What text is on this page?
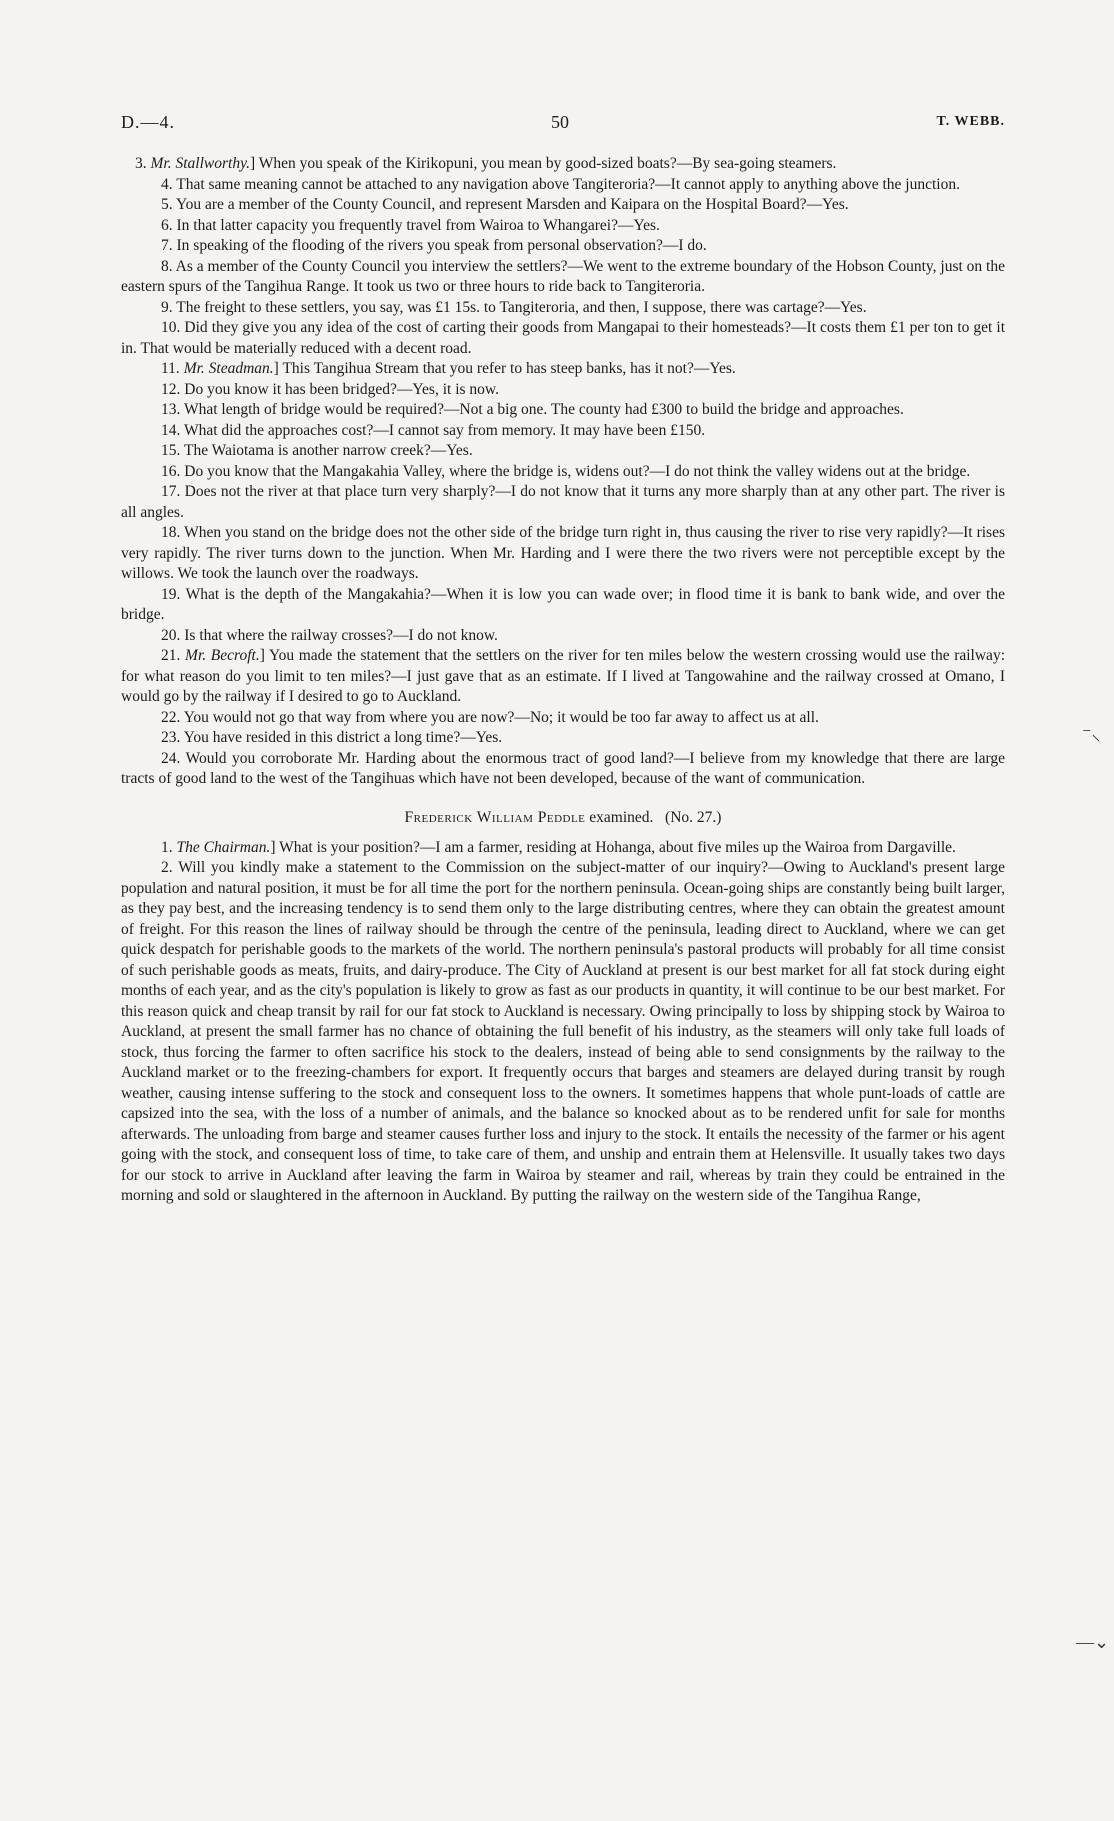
D.—4.	50	T. WEBB.

3. Mr. Stallworthy.] When you speak of the Kirikopuni, you mean by good-sized boats?—By sea-going steamers.

4. That same meaning cannot be attached to any navigation above Tangiteroria?—It cannot apply to anything above the junction.

5. You are a member of the County Council, and represent Marsden and Kaipara on the Hospital Board?—Yes.

6. In that latter capacity you frequently travel from Wairoa to Whangarei?—Yes.

7. In speaking of the flooding of the rivers you speak from personal observation?—I do.

8. As a member of the County Council you interview the settlers?—We went to the extreme boundary of the Hobson County, just on the eastern spurs of the Tangihua Range. It took us two or three hours to ride back to Tangiteroria.

9. The freight to these settlers, you say, was £1 15s. to Tangiteroria, and then, I suppose, there was cartage?—Yes.

10. Did they give you any idea of the cost of carting their goods from Mangapai to their homesteads?—It costs them £1 per ton to get it in. That would be materially reduced with a decent road.

11. Mr. Steadman.] This Tangihua Stream that you refer to has steep banks, has it not?—Yes.

12. Do you know it has been bridged?—Yes, it is now.

13. What length of bridge would be required?—Not a big one. The county had £300 to build the bridge and approaches.

14. What did the approaches cost?—I cannot say from memory. It may have been £150.

15. The Waiotama is another narrow creek?—Yes.

16. Do you know that the Mangakahia Valley, where the bridge is, widens out?—I do not think the valley widens out at the bridge.

17. Does not the river at that place turn very sharply?—I do not know that it turns any more sharply than at any other part. The river is all angles.

18. When you stand on the bridge does not the other side of the bridge turn right in, thus causing the river to rise very rapidly?—It rises very rapidly. The river turns down to the junction. When Mr. Harding and I were there the two rivers were not perceptible except by the willows. We took the launch over the roadways.

19. What is the depth of the Mangakahia?—When it is low you can wade over; in flood time it is bank to bank wide, and over the bridge.

20. Is that where the railway crosses?—I do not know.

21. Mr. Becroft.] You made the statement that the settlers on the river for ten miles below the western crossing would use the railway: for what reason do you limit to ten miles?—I just gave that as an estimate. If I lived at Tangowahine and the railway crossed at Omano, I would go by the railway if I desired to go to Auckland.

22. You would not go that way from where you are now?—No; it would be too far away to affect us at all.

23. You have resided in this district a long time?—Yes.

24. Would you corroborate Mr. Harding about the enormous tract of good land?—I believe from my knowledge that there are large tracts of good land to the west of the Tangihuas which have not been developed, because of the want of communication.

Frederick William Peddle examined. (No. 27.)

1. The Chairman.] What is your position?—I am a farmer, residing at Hohanga, about five miles up the Wairoa from Dargaville.

2. Will you kindly make a statement to the Commission on the subject-matter of our inquiry?—Owing to Auckland's present large population and natural position, it must be for all time the port for the northern peninsula. Ocean-going ships are constantly being built larger, as they pay best, and the increasing tendency is to send them only to the large distributing centres, where they can obtain the greatest amount of freight. For this reason the lines of railway should be through the centre of the peninsula, leading direct to Auckland, where we can get quick despatch for perishable goods to the markets of the world. The northern peninsula's pastoral products will probably for all time consist of such perishable goods as meats, fruits, and dairy-produce. The City of Auckland at present is our best market for all fat stock during eight months of each year, and as the city's population is likely to grow as fast as our products in quantity, it will continue to be our best market. For this reason quick and cheap transit by rail for our fat stock to Auckland is necessary. Owing principally to loss by shipping stock by Wairoa to Auckland, at present the small farmer has no chance of obtaining the full benefit of his industry, as the steamers will only take full loads of stock, thus forcing the farmer to often sacrifice his stock to the dealers, instead of being able to send consignments by the railway to the Auckland market or to the freezing-chambers for export. It frequently occurs that barges and steamers are delayed during transit by rough weather, causing intense suffering to the stock and consequent loss to the owners. It sometimes happens that whole punt-loads of cattle are capsized into the sea, with the loss of a number of animals, and the balance so knocked about as to be rendered unfit for sale for months afterwards. The unloading from barge and steamer causes further loss and injury to the stock. It entails the necessity of the farmer or his agent going with the stock, and consequent loss of time, to take care of them, and unship and entrain them at Helensville. It usually takes two days for our stock to arrive in Auckland after leaving the farm in Wairoa by steamer and rail, whereas by train they could be entrained in the morning and sold or slaughtered in the afternoon in Auckland. By putting the railway on the western side of the Tangihua Range,

⁻⸜
—⌄
